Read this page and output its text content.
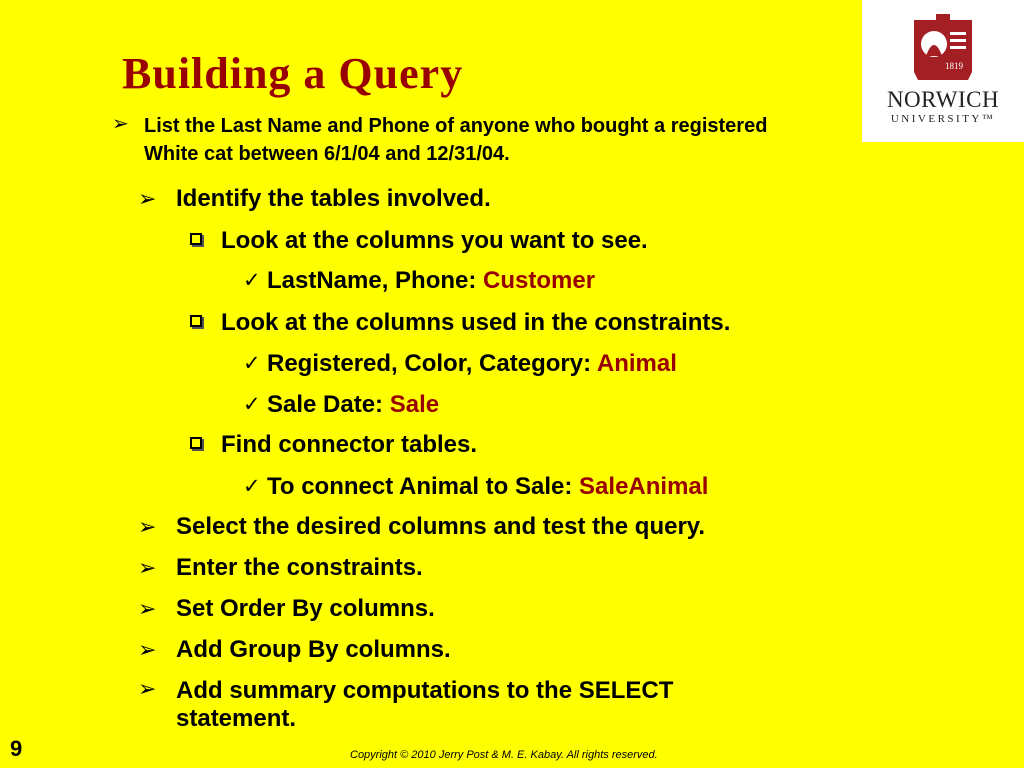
Building a Query	1819
NORWICH
UNIVERSITY™
➢ List the Last Name and Phone of anyone who bought a registered White cat between 6/1/04 and 12/31/04.
➢ Identify the tables involved.
Look at the columns you want to see.
✓ LastName, Phone: Customer
Look at the columns used in the constraints.
✓ Registered, Color, Category: Animal
✓ Sale Date: Sale
Find connector tables.
✓ To connect Animal to Sale: SaleAnimal
➢ Select the desired columns and test the query.
➢ Enter the constraints.
➢ Set Order By columns.
➢ Add Group By columns.
➢ Add summary computations to the SELECT statement.
9	Copyright © 2010 Jerry Post & M. E. Kabay. All rights reserved.
